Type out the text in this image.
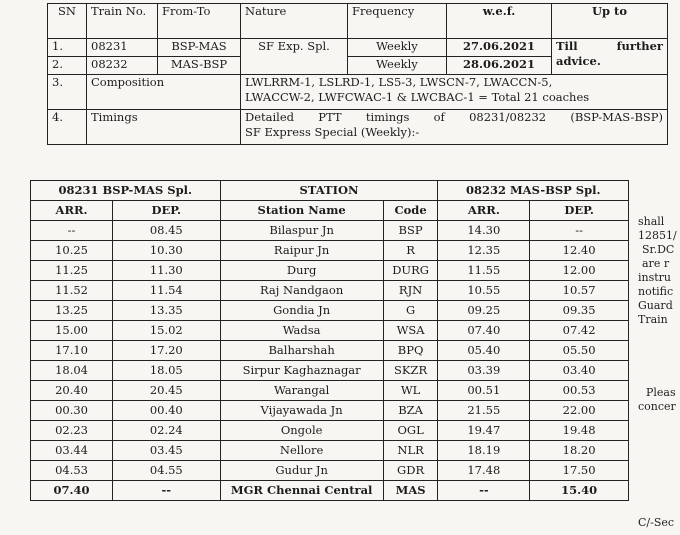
SN	Train No.	From-To	Nature	Frequency	w.e.f.	Up to
1.	08231	BSP-MAS	SF Exp. Spl.	Weekly	27.06.2021	Till further
advice.

2.	08232	MAS-BSP		Weekly	28.06.2021	
3.	Composition		LWLRRM-1, LSLRD-1, LS5-3, LWSCN-7, LWACCN-5,
LWACCW-2, LWFCWAC-1 & LWCBAC-1 = Total 21 coaches			

4.	Timings		Detailed PTT timings of 08231/08232 (BSP-MAS-BSP)
SF Express Special (Weekly):-			
08231 BSP-MAS Spl.		STATION		08232 MAS-BSP Spl.	
ARR.	DEP.	Station Name	Code	ARR.	DEP.
--	08.45	Bilaspur Jn	BSP	14.30	--
10.25	10.30	Raipur Jn	R	12.35	12.40
11.25	11.30	Durg	DURG	11.55	12.00
11.52	11.54	Raj Nandgaon	RJN	10.55	10.57
13.25	13.35	Gondia Jn	G	09.25	09.35
15.00	15.02	Wadsa	WSA	07.40	07.42
17.10	17.20	Balharshah	BPQ	05.40	05.50
18.04	18.05	Sirpur Kaghaznagar	SKZR	03.39	03.40
20.40	20.45	Warangal	WL	00.51	00.53
00.30	00.40	Vijayawada Jn	BZA	21.55	22.00
02.23	02.24	Ongole	OGL	19.47	19.48
03.44	03.45	Nellore	NLR	18.19	18.20
04.53	04.55	Gudur Jn	GDR	17.48	17.50
07.40	--	MGR Chennai Central	MAS	--	15.40
shall
12851/
Sr.DC
are r
instru
notific
Guard
Train
Pleas
concer
C/-Sec
